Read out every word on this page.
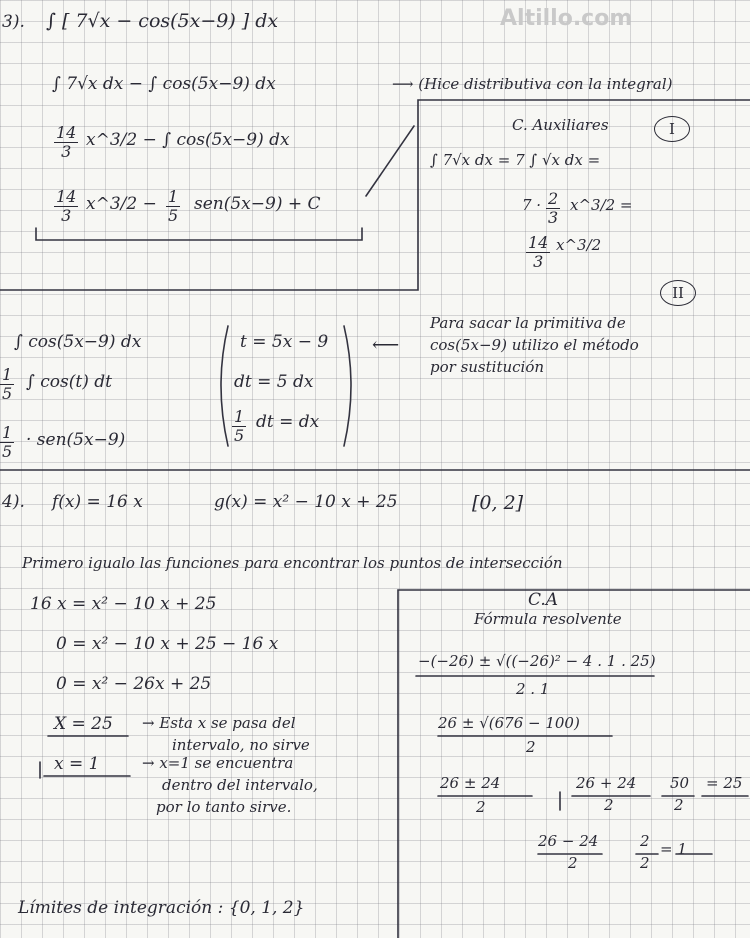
Altillo.com
3). ∫ [ 7√x − cos(5x−9) ] dx
∫ 7√x dx − ∫ cos(5x−9) dx	⟶ (Hice distributiva con la integral)
$\frac{14}{3}$ x^3/2 − ∫ cos(5x−9) dx
$\frac{14}{3}$ x^3/2 − $\frac{1}{5} sen(5x-9) + C$
C. Auxiliares	I
∫ 7√x dx = 7 ∫ √x dx =
$7 \cdot \frac{2}{3}$ x^3/2 =
$\frac{14}{3}$ x^3/2
II
Para sacar la primitiva de
cos(5x−9) utilizo el método
por sustitución
∫ cos(5x−9) dx
$\frac{1}{5}$ ∫ cos(t) dt
$\frac{1}{5} \cdot sen(5x-9)$
t = 5x − 9
dt = 5 dx
$\frac{1}{5}$ dt = dx
⟵
4). f(x) = 16 x	g(x) = x² − 10 x + 25	[0, 2]
Primero igualo las funciones para encontrar los puntos de intersección
16 x = x² − 10 x + 25
0 = x² − 10 x + 25 − 16 x
0 = x² − 26x + 25
X = 25 → Esta x se pasa del
intervalo, no sirve
x = 1	→ x=1 se encuentra
dentro del intervalo,
por lo tanto sirve.
C.A
Fórmula resolvente
−(−26) ± √((−26)² − 4 . 1 . 25)
2 . 1
26 ± √(676 − 100)
2
26 ± 24
2
26 + 24
2
50
2
= 25
26 − 24
2
2
2
= 1
Límites de integración : {0, 1, 2}
